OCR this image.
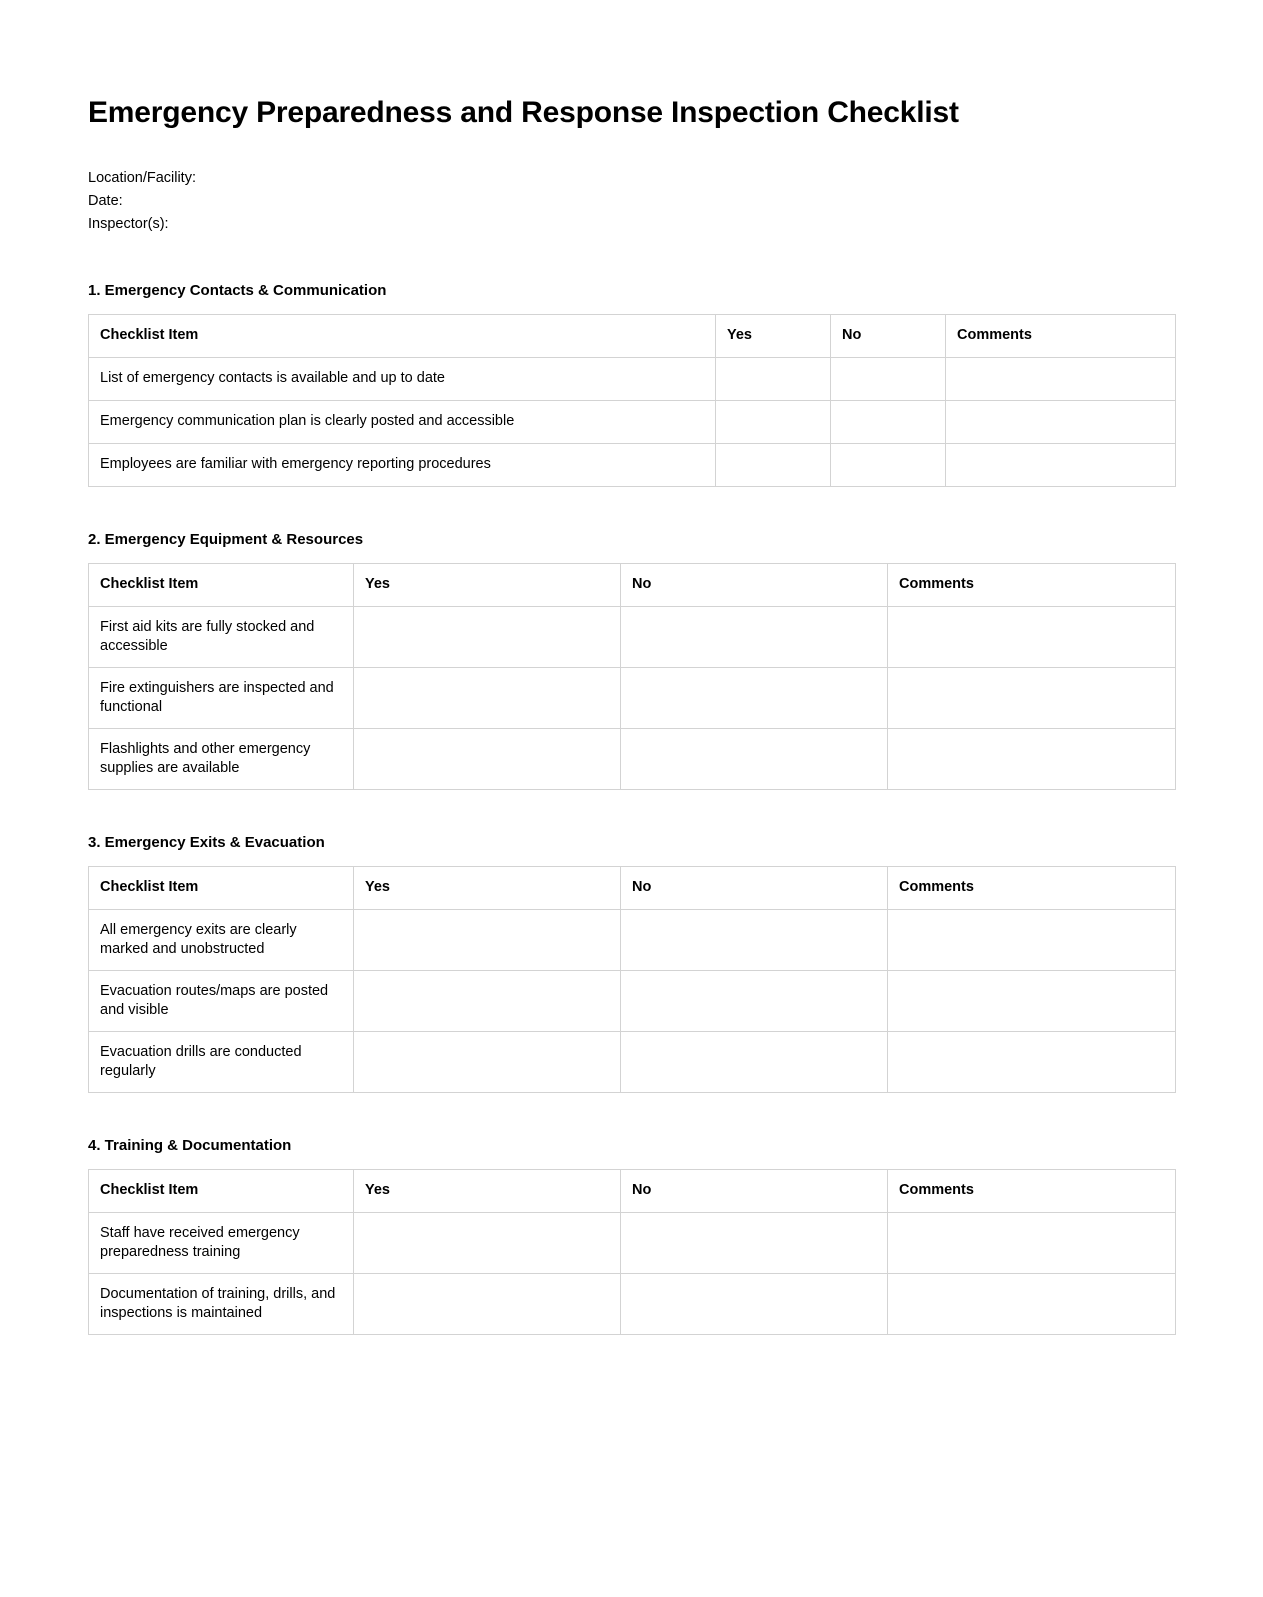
Emergency Preparedness and Response Inspection Checklist
Location/Facility:
Date:
Inspector(s):
1. Emergency Contacts & Communication
Checklist Item	Yes	No	Comments
List of emergency contacts is available and up to date			
Emergency communication plan is clearly posted and accessible			
Employees are familiar with emergency reporting procedures			
2. Emergency Equipment & Resources
Checklist Item	Yes	No	Comments
First aid kits are fully stocked and accessible			
Fire extinguishers are inspected and functional			
Flashlights and other emergency supplies are available			
3. Emergency Exits & Evacuation
Checklist Item	Yes	No	Comments
All emergency exits are clearly marked and unobstructed			
Evacuation routes/maps are posted and visible			
Evacuation drills are conducted regularly			
4. Training & Documentation
Checklist Item	Yes	No	Comments
Staff have received emergency preparedness training			
Documentation of training, drills, and inspections is maintained			
